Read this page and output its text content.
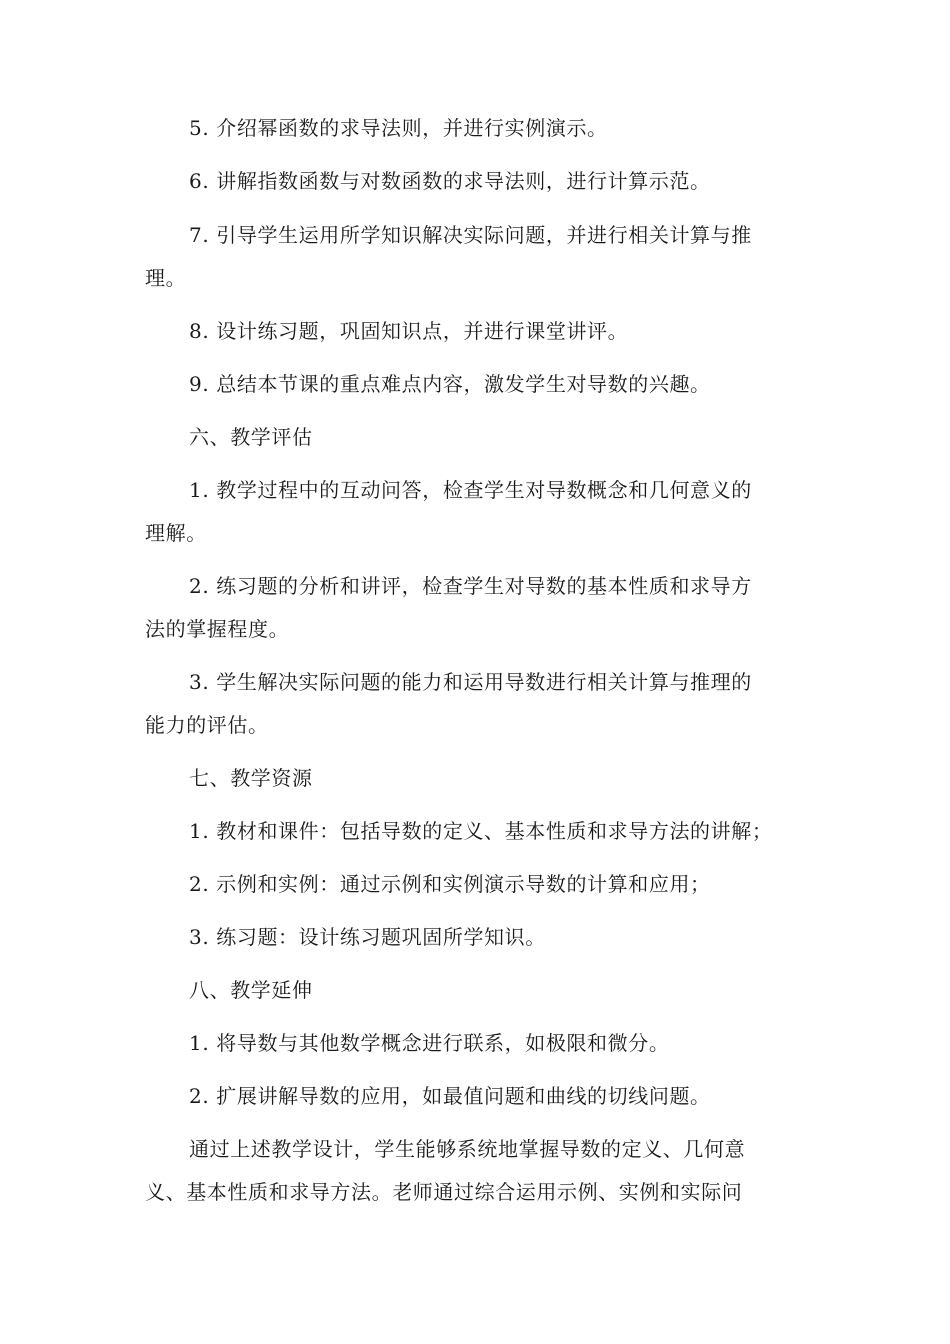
5. 介绍幂函数的求导法则，并进行实例演示。
6. 讲解指数函数与对数函数的求导法则，进行计算示范。
7. 引导学生运用所学知识解决实际问题，并进行相关计算与推
理。
8. 设计练习题，巩固知识点，并进行课堂讲评。
9. 总结本节课的重点难点内容，激发学生对导数的兴趣。
六、教学评估
1. 教学过程中的互动问答，检查学生对导数概念和几何意义的
理解。
2. 练习题的分析和讲评，检查学生对导数的基本性质和求导方
法的掌握程度。
3. 学生解决实际问题的能力和运用导数进行相关计算与推理的
能力的评估。
七、教学资源
1. 教材和课件：包括导数的定义、基本性质和求导方法的讲解；
2. 示例和实例：通过示例和实例演示导数的计算和应用；
3. 练习题：设计练习题巩固所学知识。
八、教学延伸
1. 将导数与其他数学概念进行联系，如极限和微分。
2. 扩展讲解导数的应用，如最值问题和曲线的切线问题。
通过上述教学设计，学生能够系统地掌握导数的定义、几何意
义、基本性质和求导方法。老师通过综合运用示例、实例和实际问
